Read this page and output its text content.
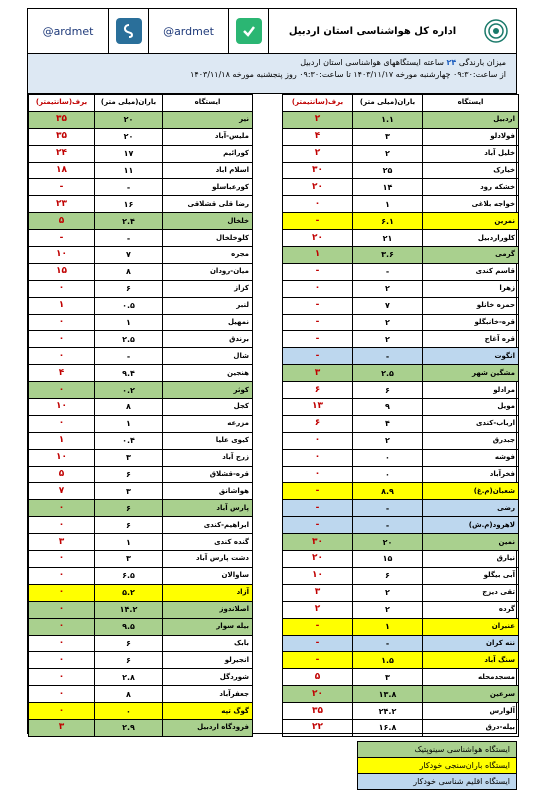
@ardmet	@ardmet	اداره کل هواشناسی استان اردبیل
میزان بارندگی ۲۴ ساعته ایستگاههای هواشناسی استان اردبیل
از ساعت:۰۹:۳۰ چهارشنبه مورخه ۱۴۰۳/۱۱/۱۷ تا ساعت:۰۹:۳۰ روز پنجشنبه مورخه ۱۴۰۳/۱۱/۱۸
ایستگاه	باران(میلی متر)	برف(سانتیمتر)
اردبیل	۱.۱	۲
فولادلو	۳	۴
خلیل آباد	۲	۲
خیارک	۲۵	۳۰
خشکه رود	۱۴	۲۰
خواجه بلاغی	۱	۰
نمرین	۶.۱	-
کلوراردبیل	۲۱	۲۰
گرمی	۳.۶	۱
قاسم کندی	-	-
زهرا	۲	۰
حمزه خانلو	۷	-
قره-خانبگلو	۲	-
قره آغاج	۲	-
انگوت	-	-
مشگین شهر	۲.۵	۳
مرادلو	۶	۶
مویل	۹	۱۳
ارباب-کندی	۴	۶
جبدرق	۲	۰
فوشه	۰	۰
فخرآباد	۰	۰
شعبان(م.غ)	۸.۹	-
رضی	-	-
لاهرود(م.ش)	-	-
نمین	۲۰	۳۰
نیارق	۱۵	۲۰
آبی بیگلو	۶	۱۰
تقی دیزج	۲	۳
گرده	۲	۲
عنبران	۱	-
ننه کران	-	-
سنگ آباد	۱.۵	-
مسجدمحله	۳	۵
سرعین	۱۳.۸	۲۰
آلوارس	۲۴.۲	۳۵
بیله-درق	۱۶.۸	۲۲
ایستگاه	باران(میلی متر)	برف(سانتیمتر)
نیر	۲۰	۳۵
ملیس-آباد	۲۰	۳۵
کورائیم	۱۷	۲۴
اسلام اباد	۱۱	۱۸
کورعباسلو	-	-
رضا قلی قشلاقی	۱۶	۲۳
خلخال	۲.۴	۵
کلوخلخال	-	-
مجره	۷	۱۰
میان-رودان	۸	۱۵
کزاز	۶	۰
لنبر	۰.۵	۱
نمهیل	۱	۰
برندق	۲.۵	۰
شال	-	۰
هنجین	۹.۴	۴
کوثر	۰.۲	۰
کجل	۸	۱۰
مزرعه	۱	۰
کیوی علیا	۰.۴	۱
زرج آباد	۳	۱۰
قره-قشلاق	۶	۵
هواشانق	۳	۷
پارس آباد	۶	۰
ابراهیم-کندی	۶	۰
گنده کندی	۱	۳
دشت پارس آباد	۳	۰
ساوالان	۶.۵	۰
آزاد	۵.۲	۰
اصلاندوز	۱۴.۲	۰
بیله سوار	۹.۵	۰
بابک	۶	۰
انجیرلو	۶	۰
شوردگل	۲.۸	۰
جعفرآباد	۸	۰
گوگ تپه	۰	۰
فرودگاه اردبیل	۲.۹	۳
ایستگاه هواشناسی سینوپتیک
ایستگاه باران‌سنجی خودکار
ایستگاه اقلیم شناسی خودکار
